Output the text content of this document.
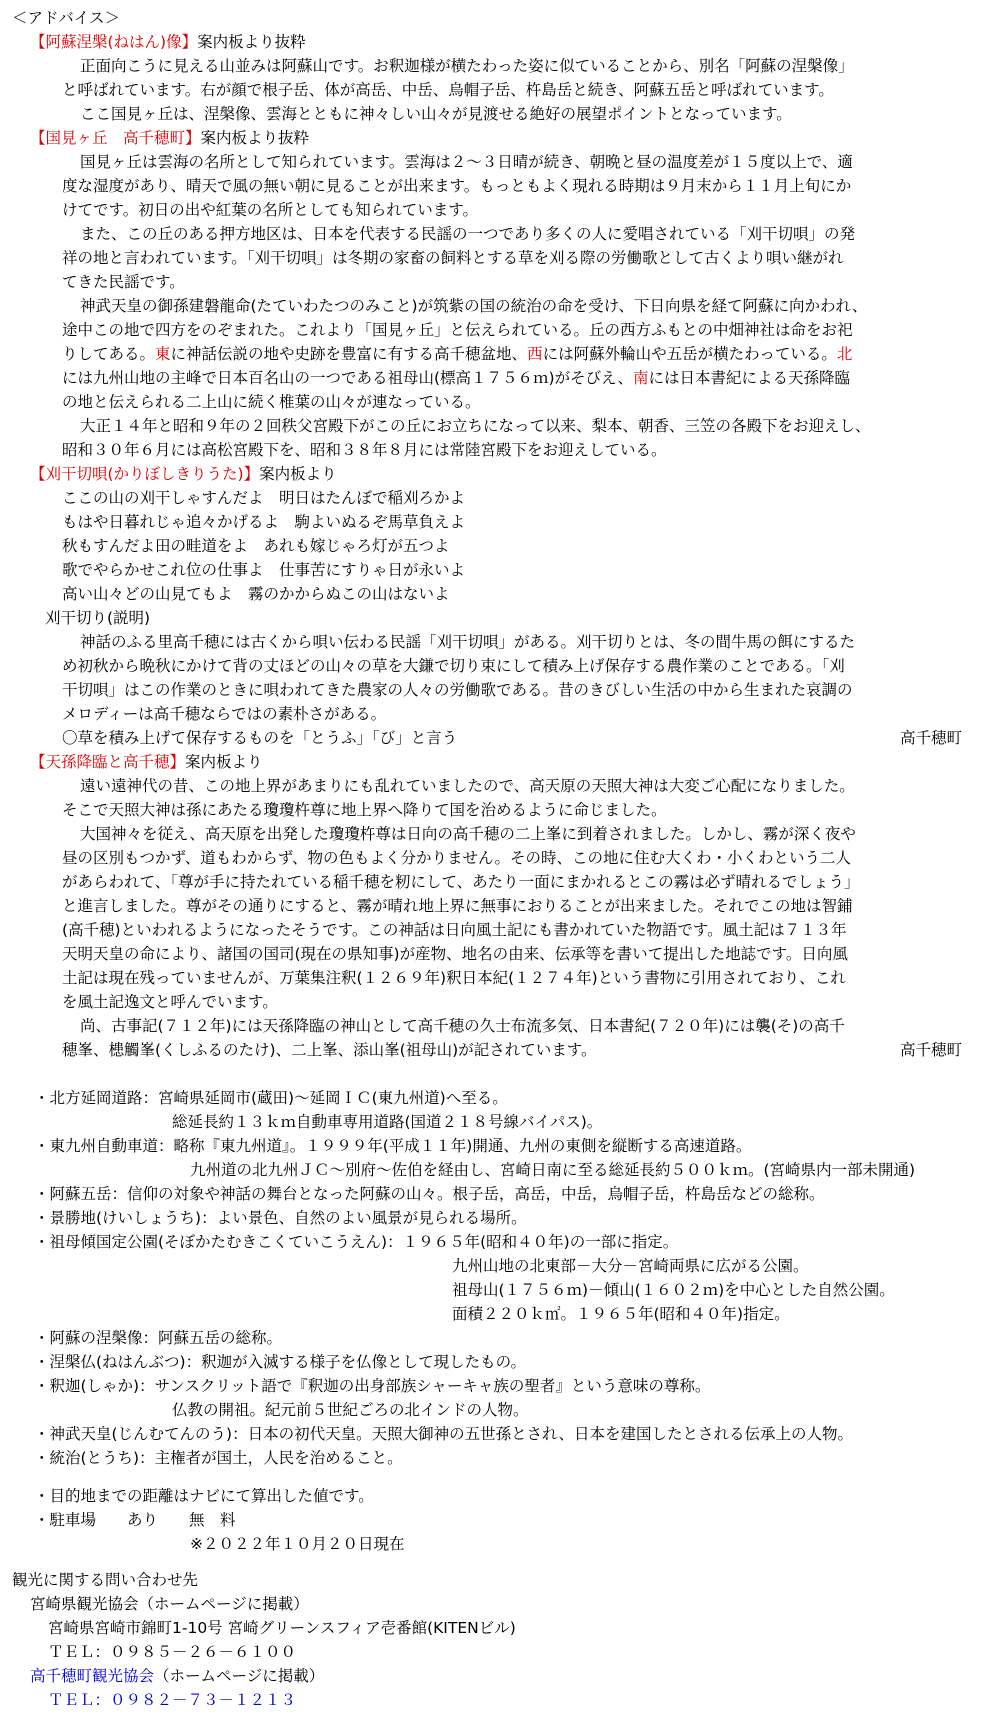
＜アドバイス＞
【阿蘇涅槃(ねはん)像】案内板より抜粋
正面向こうに見える山並みは阿蘇山です。お釈迦様が横たわった姿に似ていることから、別名「阿蘇の涅槃像」
と呼ばれています。右が顔で根子岳、体が高岳、中岳、烏帽子岳、杵島岳と続き、阿蘇五岳と呼ばれています。
ここ国見ヶ丘は、涅槃像、雲海とともに神々しい山々が見渡せる絶好の展望ポイントとなっています。
【国見ヶ丘　高千穂町】案内板より抜粋
国見ヶ丘は雲海の名所として知られています。雲海は２～３日晴が続き、朝晩と昼の温度差が１５度以上で、適
度な湿度があり、晴天で風の無い朝に見ることが出来ます。もっともよく現れる時期は９月末から１１月上旬にか
けてです。初日の出や紅葉の名所としても知られています。
また、この丘のある押方地区は、日本を代表する民謡の一つであり多くの人に愛唱されている「刈干切唄」の発
祥の地と言われています。「刈干切唄」は冬期の家畜の飼料とする草を刈る際の労働歌として古くより唄い継がれ
てきた民謡です。
神武天皇の御孫建磐龍命(たていわたつのみこと)が筑紫の国の統治の命を受け、下日向県を経て阿蘇に向かわれ、
途中この地で四方をのぞまれた。これより「国見ヶ丘」と伝えられている。丘の西方ふもとの中畑神社は命をお祀
りしてある。東に神話伝説の地や史跡を豊富に有する高千穂盆地、西には阿蘇外輪山や五岳が横たわっている。北
には九州山地の主峰で日本百名山の一つである祖母山(標高１７５６ｍ)がそびえ、南には日本書紀による天孫降臨
の地と伝えられる二上山に続く椎葉の山々が連なっている。
大正１４年と昭和９年の２回秩父宮殿下がこの丘にお立ちになって以来、梨本、朝香、三笠の各殿下をお迎えし、
昭和３０年６月には高松宮殿下を、昭和３８年８月には常陸宮殿下をお迎えしている。
【刈干切唄(かりぼしきりうた)】案内板より
ここの山の刈干しゃすんだよ　明日はたんぼで稲刈ろかよ
もはや日暮れじゃ追々かげるよ　駒よいぬるぞ馬草負えよ
秋もすんだよ田の畦道をよ　あれも嫁じゃろ灯が五つよ
歌でやらかせこれ位の仕事よ　仕事苦にすりゃ日が永いよ
高い山々どの山見てもよ　霧のかからぬこの山はないよ
刈干切り(説明)
神話のふる里高千穂には古くから唄い伝わる民謡「刈干切唄」がある。刈干切りとは、冬の間牛馬の餌にするた
め初秋から晩秋にかけて背の丈ほどの山々の草を大鎌で切り束にして積み上げ保存する農作業のことである。「刈
干切唄」はこの作業のときに唄われてきた農家の人々の労働歌である。昔のきびしい生活の中から生まれた哀調の
メロディーは高千穂ならではの素朴さがある。
〇草を積み上げて保存するものを「とうふ」「び」と言う	高千穂町
【天孫降臨と高千穂】案内板より
遠い遠神代の昔、この地上界があまりにも乱れていましたので、高天原の天照大神は大変ご心配になりました。
そこで天照大神は孫にあたる瓊瓊杵尊に地上界へ降りて国を治めるように命じました。
大国神々を従え、高天原を出発した瓊瓊杵尊は日向の高千穂の二上峯に到着されました。しかし、霧が深く夜や
昼の区別もつかず、道もわからず、物の色もよく分かりません。その時、この地に住む大くわ・小くわという二人
があらわれて、「尊が手に持たれている稲千穂を籾にして、あたり一面にまかれるとこの霧は必ず晴れるでしょう」
と進言しました。尊がその通りにすると、霧が晴れ地上界に無事におりることが出来ました。それでこの地は智鋪
(高千穂)といわれるようになったそうです。この神話は日向風土記にも書かれていた物語です。風土記は７１３年
天明天皇の命により、諸国の国司(現在の県知事)が産物、地名の由来、伝承等を書いて提出した地誌です。日向風
土記は現在残っていませんが、万葉集注釈(１２６９年)釈日本紀(１２７４年)という書物に引用されており、これ
を風土記逸文と呼んでいます。
尚、古事記(７１２年)には天孫降臨の神山として高千穂の久士布流多気、日本書紀(７２０年)には襲(そ)の高千
穂峯、槵觸峯(くしふるのたけ)、二上峯、添山峯(祖母山)が記されています。	高千穂町
・北方延岡道路：宮崎県延岡市(蔵田)～延岡ＩＣ(東九州道)へ至る。
総延長約１３ｋｍ自動車専用道路(国道２１８号線バイパス)。
・東九州自動車道：略称『東九州道』。１９９９年(平成１１年)開通、九州の東側を縦断する高速道路。
九州道の北九州ＪＣ～別府～佐伯を経由し、宮崎日南に至る総延長約５００ｋｍ。(宮崎県内一部未開通)
・阿蘇五岳：信仰の対象や神話の舞台となった阿蘇の山々。根子岳，高岳，中岳，烏帽子岳，杵島岳などの総称。
・景勝地(けいしょうち)：よい景色、自然のよい風景が見られる場所。
・祖母傾国定公園(そぼかたむきこくていこうえん)：１９６５年(昭和４０年)の一部に指定。
九州山地の北東部－大分－宮崎両県に広がる公園。
祖母山(１７５６ｍ)－傾山(１６０２ｍ)を中心とした自然公園。
面積２２０ｋ㎡。１９６５年(昭和４０年)指定。
・阿蘇の涅槃像：阿蘇五岳の総称。
・涅槃仏(ねはんぶつ)：釈迦が入滅する様子を仏像として現したもの。
・釈迦(しゃか)：サンスクリット語で『釈迦の出身部族シャーキャ族の聖者』という意味の尊称。
仏教の開祖。紀元前５世紀ごろの北インドの人物。
・神武天皇(じんむてんのう)：日本の初代天皇。天照大御神の五世孫とされ、日本を建国したとされる伝承上の人物。
・統治(とうち)：主権者が国土，人民を治めること。
・目的地までの距離はナビにて算出した値です。
・駐車場　　あり　　無　料
※２０２２年１０月２０日現在
観光に関する問い合わせ先
宮崎県観光協会（ホームページに掲載）
宮崎県宮崎市錦町1-10号 宮崎グリーンスフィア壱番館(KITENビル)
ＴＥＬ：０９８５－２６－６１００
高千穂町観光協会（ホームページに掲載）
ＴＥＬ：０９８２－７３－１２１３
